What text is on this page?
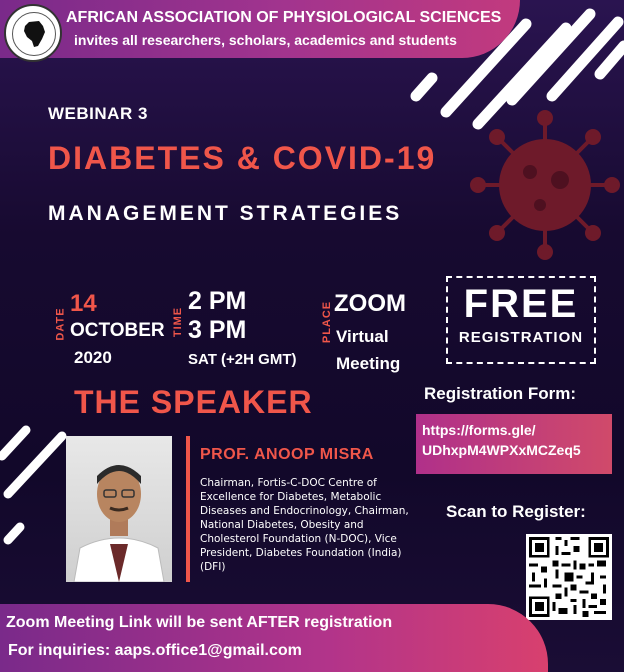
AFRICAN ASSOCIATION OF PHYSIOLOGICAL SCIENCES
invites all researchers, scholars, academics and students
WEBINAR 3
DIABETES & COVID-19
MANAGEMENT STRATEGIES
DATE
14
OCTOBER
2020
TIME
2 PM
3 PM
SAT (+2H GMT)
PLACE ZOOM
Virtual
Meeting
FREE
REGISTRATION
THE SPEAKER	Registration Form:
https://forms.gle/
UDhxpM4WPXxMCZeq5
PROF. ANOOP MISRA
Chairman, Fortis-C-DOC Centre of Excellence for Diabetes, Metabolic Diseases and Endocrinology, Chairman, National Diabetes, Obesity and Cholesterol Foundation (N-DOC), Vice President, Diabetes Foundation (India) (DFI)
Scan to Register:
Zoom Meeting Link will be sent AFTER registration
For inquiries: aaps.office1@gmail.com
